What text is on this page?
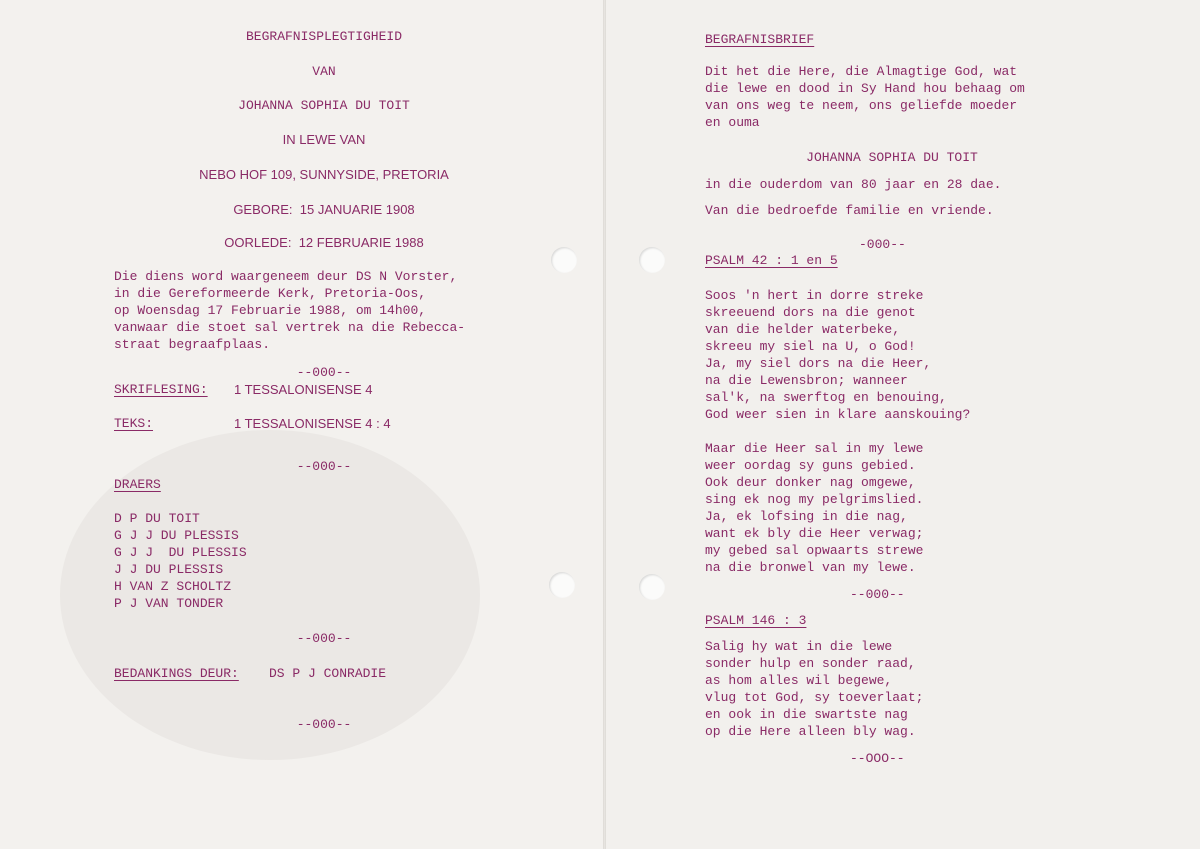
BEGRAFNISPLEGTIGHEID
VAN
JOHANNA SOPHIA DU TOIT
IN LEWE VAN
NEBO HOF 109, SUNNYSIDE, PRETORIA
GEBORE:  15 JANUARIE 1908
OORLEDE:  12 FEBRUARIE 1988
Die diens word waargeneem deur DS N Vorster,
in die Gereformeerde Kerk, Pretoria-Oos,
op Woensdag 17 Februarie 1988, om 14h00,
vanwaar die stoet sal vertrek na die Rebecca-
straat begraafplaas.
--000--
SKRIFLESING: 1 TESSALONISENSE 4
TEKS:	1 TESSALONISENSE 4 : 4
--000--
DRAERS
D P DU TOIT
G J J DU PLESSIS
G J J  DU PLESSIS
J J DU PLESSIS
H VAN Z SCHOLTZ
P J VAN TONDER
--000--
BEDANKINGS DEUR: DS P J CONRADIE
--000--
BEGRAFNISBRIEF
Dit het die Here, die Almagtige God, wat
die lewe en dood in Sy Hand hou behaag om
van ons weg te neem, ons geliefde moeder
en ouma
JOHANNA SOPHIA DU TOIT
in die ouderdom van 80 jaar en 28 dae.
Van die bedroefde familie en vriende.
-000--
PSALM 42 : 1 en 5
Soos 'n hert in dorre streke
skreeuend dors na die genot
van die helder waterbeke,
skreeu my siel na U, o God!
Ja, my siel dors na die Heer,
na die Lewensbron; wanneer
sal'k, na swerftog en benouing,
God weer sien in klare aanskouing?
Maar die Heer sal in my lewe
weer oordag sy guns gebied.
Ook deur donker nag omgewe,
sing ek nog my pelgrimslied.
Ja, ek lofsing in die nag,
want ek bly die Heer verwag;
my gebed sal opwaarts strewe
na die bronwel van my lewe.
--000--
PSALM 146 : 3
Salig hy wat in die lewe
sonder hulp en sonder raad,
as hom alles wil begewe,
vlug tot God, sy toeverlaat;
en ook in die swartste nag
op die Here alleen bly wag.
--OOO--
